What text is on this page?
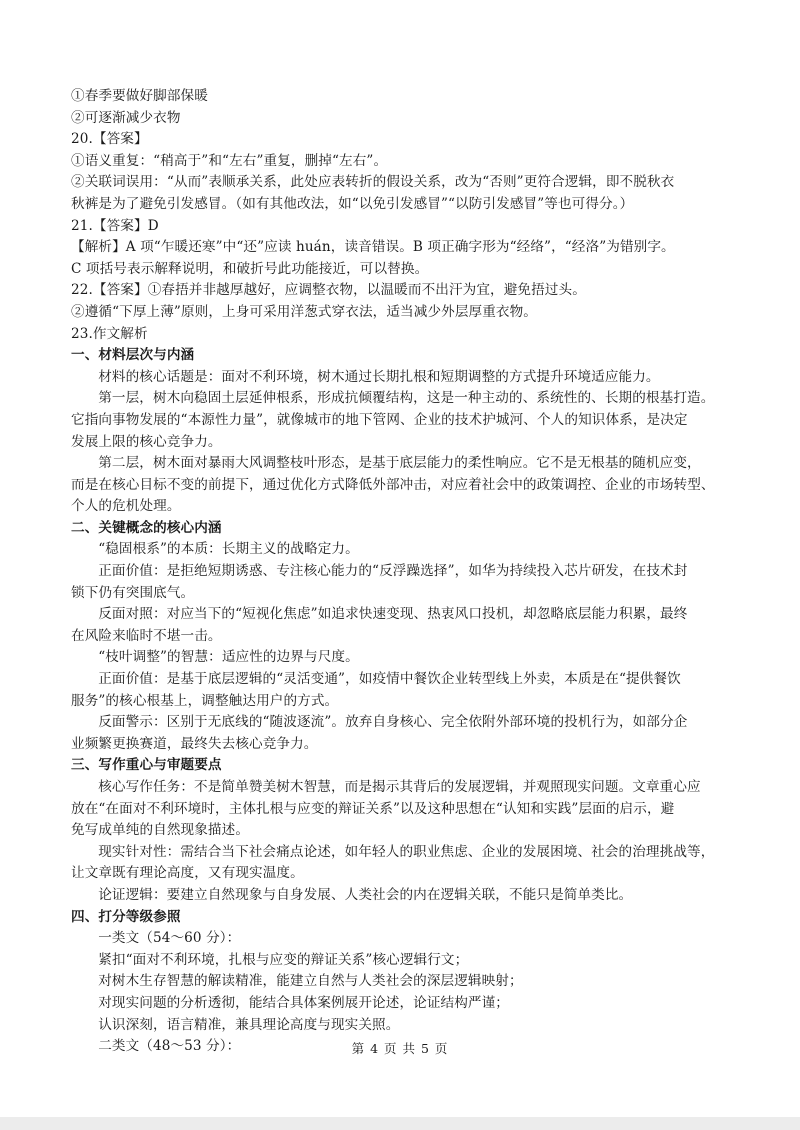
①春季要做好脚部保暖
②可逐渐减少衣物
20.【答案】
①语义重复：“稍高于”和“左右”重复，删掉“左右”。
②关联词误用：“从而”表顺承关系，此处应表转折的假设关系，改为“否则”更符合逻辑，即不脱秋衣
秋裤是为了避免引发感冒。（如有其他改法，如“以免引发感冒”“以防引发感冒”等也可得分。）
21.【答案】D
【解析】A 项“乍暖还寒”中“还”应读 huán，读音错误。B 项正确字形为“经络”，“经洛”为错别字。
C 项括号表示解释说明，和破折号此功能接近，可以替换。
22.【答案】①春捂并非越厚越好，应调整衣物，以温暖而不出汗为宜，避免捂过头。
②遵循“下厚上薄”原则，上身可采用洋葱式穿衣法，适当减少外层厚重衣物。
23.作文解析
一、材料层次与内涵
材料的核心话题是：面对不利环境，树木通过长期扎根和短期调整的方式提升环境适应能力。
第一层，树木向稳固土层延伸根系，形成抗倾覆结构，这是一种主动的、系统性的、长期的根基打造。
它指向事物发展的“本源性力量”，就像城市的地下管网、企业的技术护城河、个人的知识体系，是决定
发展上限的核心竞争力。
第二层，树木面对暴雨大风调整枝叶形态，是基于底层能力的柔性响应。它不是无根基的随机应变，
而是在核心目标不变的前提下，通过优化方式降低外部冲击，对应着社会中的政策调控、企业的市场转型、
个人的危机处理。
二、关键概念的核心内涵
“稳固根系”的本质：长期主义的战略定力。
正面价值：是拒绝短期诱惑、专注核心能力的“反浮躁选择”，如华为持续投入芯片研发，在技术封
锁下仍有突围底气。
反面对照：对应当下的“短视化焦虑”如追求快速变现、热衷风口投机，却忽略底层能力积累，最终
在风险来临时不堪一击。
“枝叶调整”的智慧：适应性的边界与尺度。
正面价值：是基于底层逻辑的“灵活变通”，如疫情中餐饮企业转型线上外卖，本质是在“提供餐饮
服务”的核心根基上，调整触达用户的方式。
反面警示：区别于无底线的“随波逐流”。放弃自身核心、完全依附外部环境的投机行为，如部分企
业频繁更换赛道，最终失去核心竞争力。
三、写作重心与审题要点
核心写作任务：不是简单赞美树木智慧，而是揭示其背后的发展逻辑，并观照现实问题。文章重心应
放在“在面对不利环境时，主体扎根与应变的辩证关系”以及这种思想在“认知和实践”层面的启示，避
免写成单纯的自然现象描述。
现实针对性：需结合当下社会痛点论述，如年轻人的职业焦虑、企业的发展困境、社会的治理挑战等，
让文章既有理论高度，又有现实温度。
论证逻辑：要建立自然现象与自身发展、人类社会的内在逻辑关联，不能只是简单类比。
四、打分等级参照
一类文（54～60 分）：
紧扣“面对不利环境，扎根与应变的辩证关系”核心逻辑行文；
对树木生存智慧的解读精准，能建立自然与人类社会的深层逻辑映射；
对现实问题的分析透彻，能结合具体案例展开论述，论证结构严谨；
认识深刻，语言精准，兼具理论高度与现实关照。
二类文（48～53 分）：	第 4 页 共 5 页
